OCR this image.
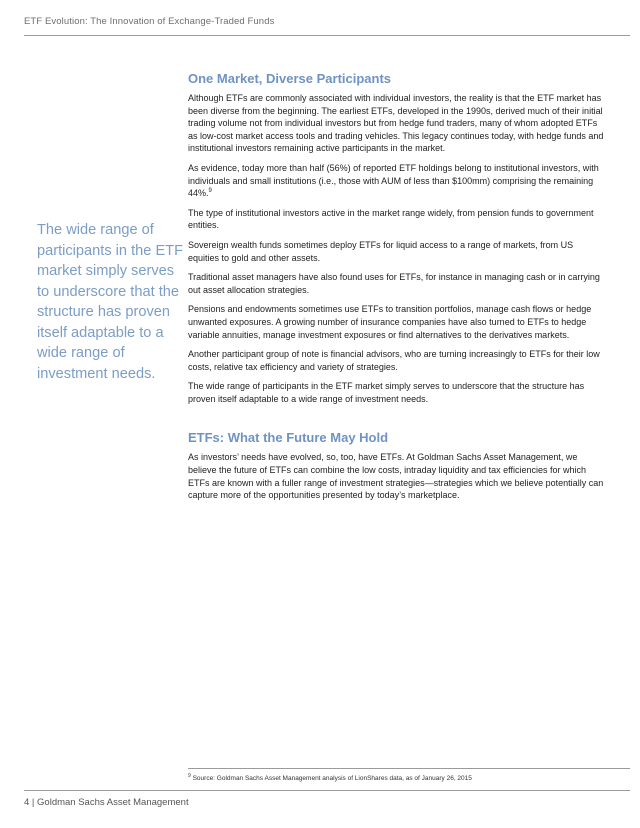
ETF Evolution: The Innovation of Exchange-Traded Funds
The wide range of participants in the ETF market simply serves to underscore that the structure has proven itself adaptable to a wide range of investment needs.
One Market, Diverse Participants

Although ETFs are commonly associated with individual investors, the reality is that the ETF market has been diverse from the beginning. The earliest ETFs, developed in the 1990s, derived much of their initial trading volume not from individual investors but from hedge fund traders, many of whom adopted ETFs as low-cost market access tools and trading vehicles. This legacy continues today, with hedge funds and institutional investors remaining active participants in the market.

As evidence, today more than half (56%) of reported ETF holdings belong to institutional investors, with individuals and small institutions (i.e., those with AUM of less than $100mm) comprising the remaining 44%.$^9$

The type of institutional investors active in the market range widely, from pension funds to government entities.

Sovereign wealth funds sometimes deploy ETFs for liquid access to a range of markets, from US equities to gold and other assets.

Traditional asset managers have also found uses for ETFs, for instance in managing cash or in carrying out asset allocation strategies.

Pensions and endowments sometimes use ETFs to transition portfolios, manage cash flows or hedge unwanted exposures. A growing number of insurance companies have also turned to ETFs to hedge variable annuities, manage investment exposures or find alternatives to the derivatives markets.

Another participant group of note is financial advisors, who are turning increasingly to ETFs for their low costs, relative tax efficiency and variety of strategies.

The wide range of participants in the ETF market simply serves to underscore that the structure has proven itself adaptable to a wide range of investment needs.

ETFs: What the Future May Hold

As investors’ needs have evolved, so, too, have ETFs. At Goldman Sachs Asset Management, we believe the future of ETFs can combine the low costs, intraday liquidity and tax efficiencies for which ETFs are known with a fuller range of investment strategies—strategies which we believe potentially can capture more of the opportunities presented by today’s marketplace.

$^9$ Source: Goldman Sachs Asset Management analysis of LionShares data, as of January 26, 2015
4 | Goldman Sachs Asset Management
